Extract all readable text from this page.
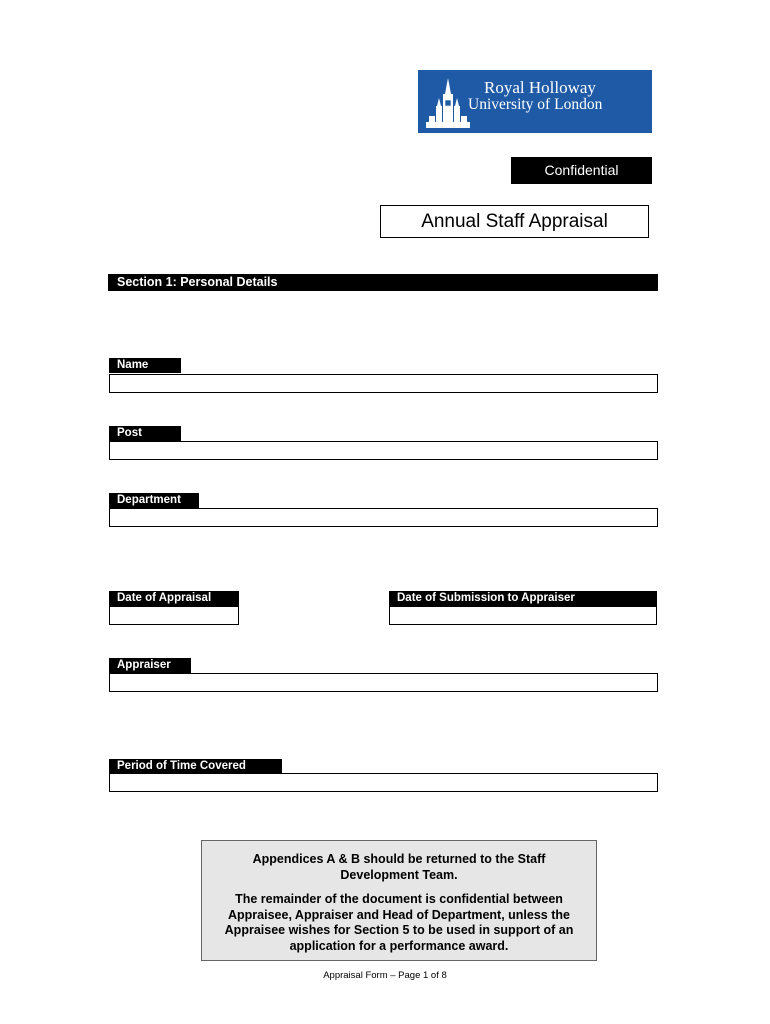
Royal Holloway
University of London
Confidential
Annual Staff Appraisal
Section 1: Personal Details
Name
Post
Department
Date of Appraisal	Date of Submission to Appraiser
Appraiser
Period of Time Covered

Appendices A & B should be returned to the Staff Development Team.

The remainder of the document is confidential between Appraisee, Appraiser and Head of Department, unless the Appraisee wishes for Section 5 to be used in support of an application for a performance award.

Appraisal Form – Page 1 of 8
